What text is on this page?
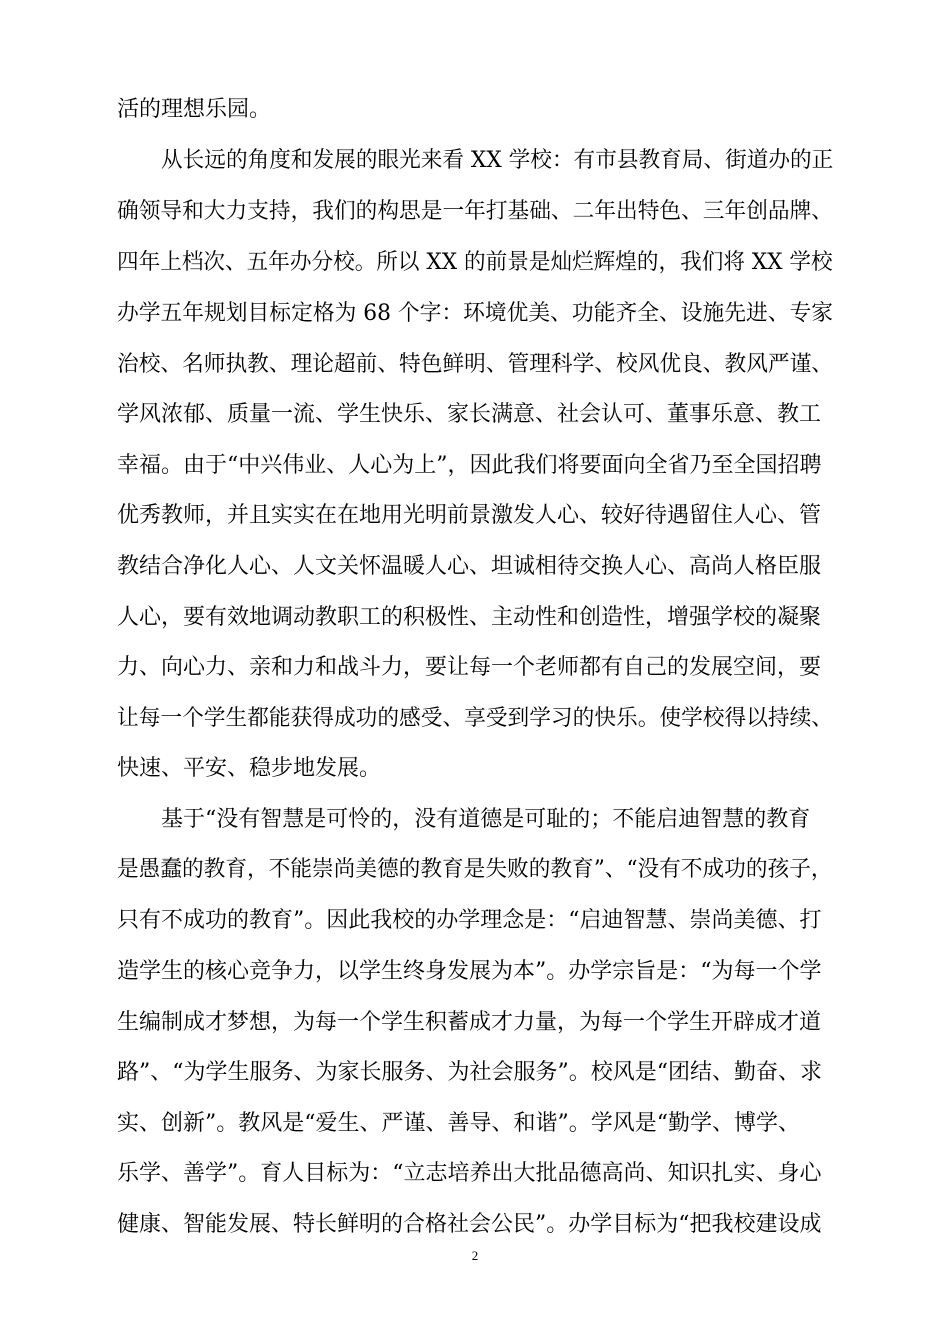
活的理想乐园。
从长远的角度和发展的眼光来看 XX 学校：有市县教育局、街道办的正
确领导和大力支持，我们的构思是一年打基础、二年出特色、三年创品牌、
四年上档次、五年办分校。所以 XX 的前景是灿烂辉煌的，我们将 XX 学校
办学五年规划目标定格为 68 个字：环境优美、功能齐全、设施先进、专家
治校、名师执教、理论超前、特色鲜明、管理科学、校风优良、教风严谨、
学风浓郁、质量一流、学生快乐、家长满意、社会认可、董事乐意、教工
幸福。由于“中兴伟业、人心为上”，因此我们将要面向全省乃至全国招聘
优秀教师，并且实实在在地用光明前景激发人心、较好待遇留住人心、管
教结合净化人心、人文关怀温暖人心、坦诚相待交换人心、高尚人格臣服
人心，要有效地调动教职工的积极性、主动性和创造性，增强学校的凝聚
力、向心力、亲和力和战斗力，要让每一个老师都有自己的发展空间，要
让每一个学生都能获得成功的感受、享受到学习的快乐。使学校得以持续、
快速、平安、稳步地发展。
基于“没有智慧是可怜的，没有道德是可耻的；不能启迪智慧的教育
是愚蠢的教育，不能崇尚美德的教育是失败的教育”、“没有不成功的孩子，
只有不成功的教育”。因此我校的办学理念是：“启迪智慧、崇尚美德、打
造学生的核心竞争力，以学生终身发展为本”。办学宗旨是：“为每一个学
生编制成才梦想，为每一个学生积蓄成才力量，为每一个学生开辟成才道
路”、“为学生服务、为家长服务、为社会服务”。校风是“团结、勤奋、求
实、创新”。教风是“爱生、严谨、善导、和谐”。学风是“勤学、博学、
乐学、善学”。育人目标为：“立志培养出大批品德高尚、知识扎实、身心
健康、智能发展、特长鲜明的合格社会公民”。办学目标为“把我校建设成
2
